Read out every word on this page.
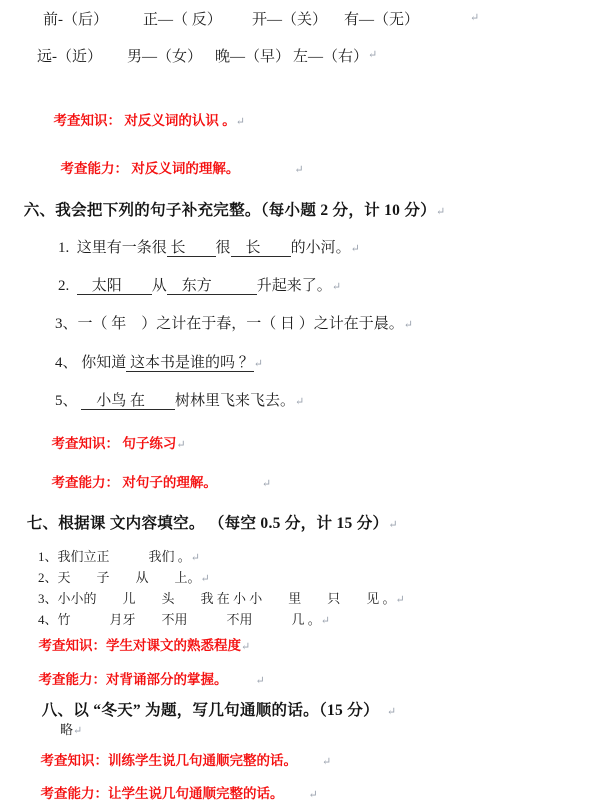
前-（后） 正—（ 反） 开—（关） 有—（无）	↵
远-（近） 男—（女） 晚—（早） 左—（右） ↵

考查知识： 对反义词的认识 。↵

考查能力： 对反义词的理解。	↵

六、我会把下列的句子补充完整。（每小题 2 分，计 10 分）↵

1.  这里有一条很 长　　很　长　　的小河。↵

2.  　太阳　　从　东方　　　升起来了。↵

3、一（ 年　）之计在于春，一（ 日 ）之计在于晨。↵

4、 你知道 这本书是谁的吗 ？↵

5、 　小鸟 在　　树林里飞来飞去。↵

考查知识： 句子练习↵

考查能力： 对句子的理解。	↵

七、根据课 文内容填空。 （每空 0.5 分，计 15 分）↵

1、我们立正　　　我们 。↵

2、天　　子　　从　　上。↵

3、小小的　　儿　　头　　我 在 小 小　　里　　只　　见 。↵

4、竹　　　月牙　　不用　　　不用　　　几 。↵

考查知识：学生对课文的熟悉程度↵

考查能力：对背诵部分的掌握。	↵

八、以 “冬天” 为题，写几句通顺的话。（15 分） ↵

略↵

考查知识：训练学生说几句通顺完整的话。 ↵

考查能力：让学生说几句通顺完整的话。 ↵
